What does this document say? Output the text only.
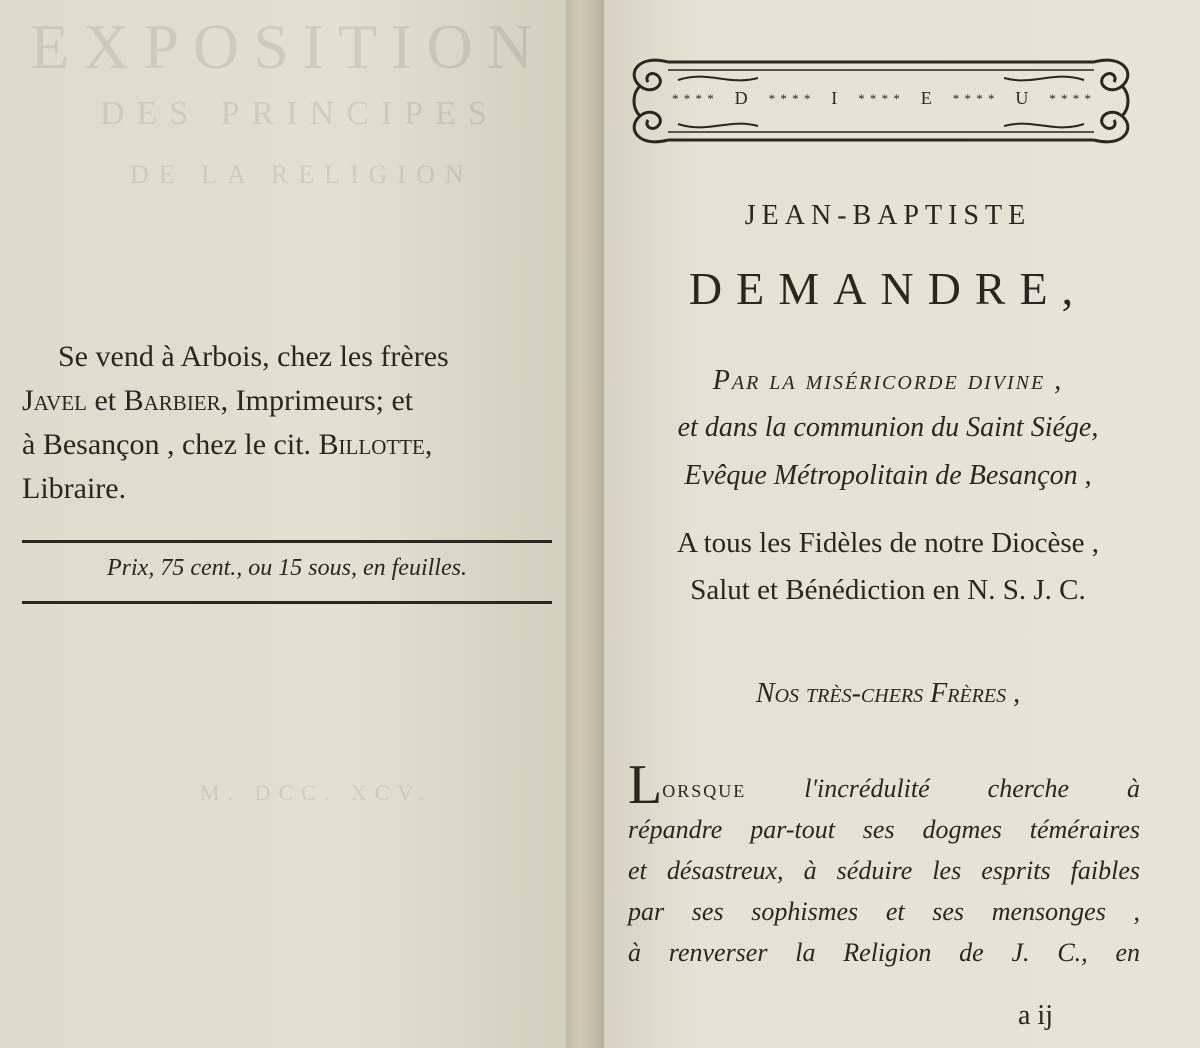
EXPOSITION
DES PRINCIPES
DE LA RELIGION
M. DCC. XCV.
Se vend à Arbois, chez les frères
Javel et Barbier, Imprimeurs; et
à Besançon , chez le cit. Billotte,
Libraire.
Prix, 75 cent., ou 15 sous, en feuilles.
* * * * D * * * * I * * * * E * * * * U * * * *
JEAN-BAPTISTE
DEMANDRE,
Par la miséricorde divine ,
et dans la communion du Saint Siége,
Evêque Métropolitain de Besançon ,
A tous les Fidèles de notre Diocèse ,
Salut et Bénédiction en N. S. J. C.
Nos très-chers Frères ,
Lorsque l'incrédulité cherche à
répandre par-tout ses dogmes téméraires
et désastreux, à séduire les esprits faibles
par ses sophismes et ses mensonges ,
à renverser la Religion de J. C., en
a ij
